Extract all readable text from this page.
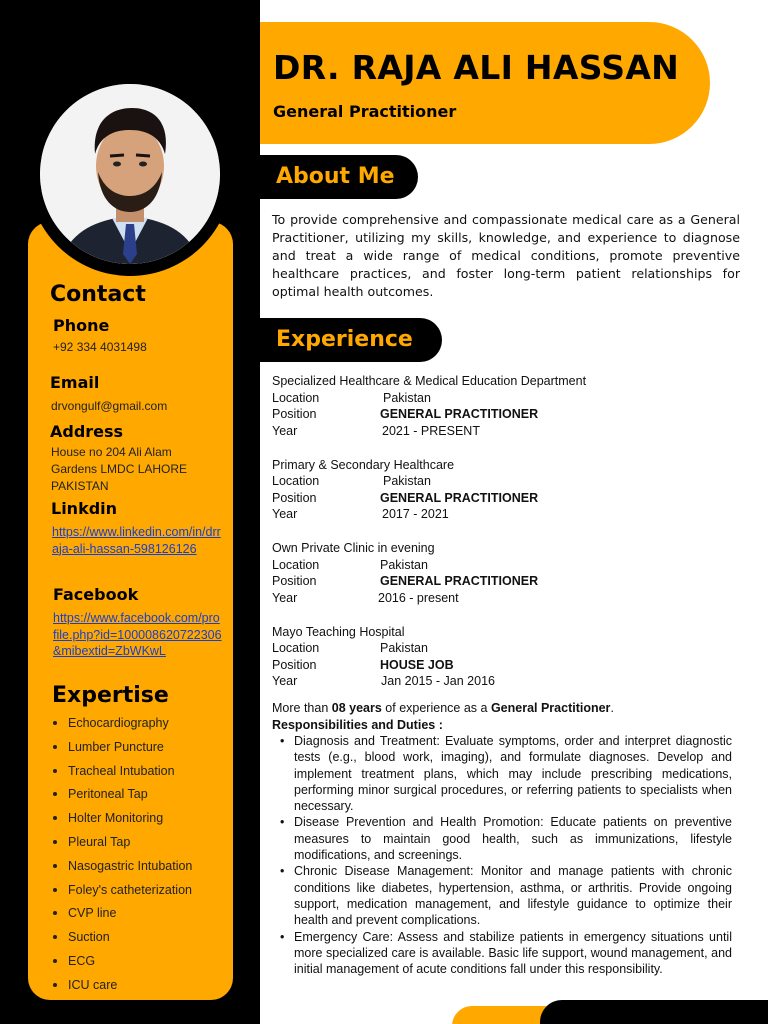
DR. RAJA ALI HASSAN
General Practitioner
About Me

To provide comprehensive and compassionate medical care as a General Practitioner, utilizing my skills, knowledge, and experience to diagnose and treat a wide range of medical conditions, promote preventive healthcare practices, and foster long-term patient relationships for optimal health outcomes.

Experience
Specialized Healthcare & Medical Education Department
Location	Pakistan
Position	GENERAL PRACTITIONER
Year	2021 - PRESENT
Primary & Secondary Healthcare
Location	Pakistan
Position	GENERAL PRACTITIONER
Year	2017 - 2021
Own Private Clinic in evening
Location	Pakistan
Position	GENERAL PRACTITIONER
Year	2016 - present
Mayo Teaching Hospital
Location	Pakistan
Position	HOUSE JOB
Year	Jan 2015 - Jan 2016
More than 08 years of experience as a General Practitioner.
Responsibilities and Duties :
• Diagnosis and Treatment: Evaluate symptoms, order and interpret diagnostic tests (e.g., blood work, imaging), and formulate diagnoses. Develop and implement treatment plans, which may include prescribing medications, performing minor surgical procedures, or referring patients to specialists when necessary.
• Disease Prevention and Health Promotion: Educate patients on preventive measures to maintain good health, such as immunizations, lifestyle modifications, and screenings.
• Chronic Disease Management: Monitor and manage patients with chronic conditions like diabetes, hypertension, asthma, or arthritis. Provide ongoing support, medication management, and lifestyle guidance to optimize their health and prevent complications.
• Emergency Care: Assess and stabilize patients in emergency situations until more specialized care is available. Basic life support, wound management, and initial management of acute conditions fall under this responsibility.
Contact
Phone
+92 334 4031498
Email
drvongulf@gmail.com
Address
House no 204 Ali Alam Gardens LMDC LAHORE PAKISTAN
Linkdin
https://www.linkedin.com/in/drraja-ali-hassan-598126126
Facebook
https://www.facebook.com/profile.php?id=100008620722306&mibextid=ZbWKwL
Expertise
Echocardiography
Lumber Puncture
Tracheal Intubation
Peritoneal Tap
Holter Monitoring
Pleural Tap
Nasogastric Intubation
Foley's catheterization
CVP line
Suction
ECG
ICU care
